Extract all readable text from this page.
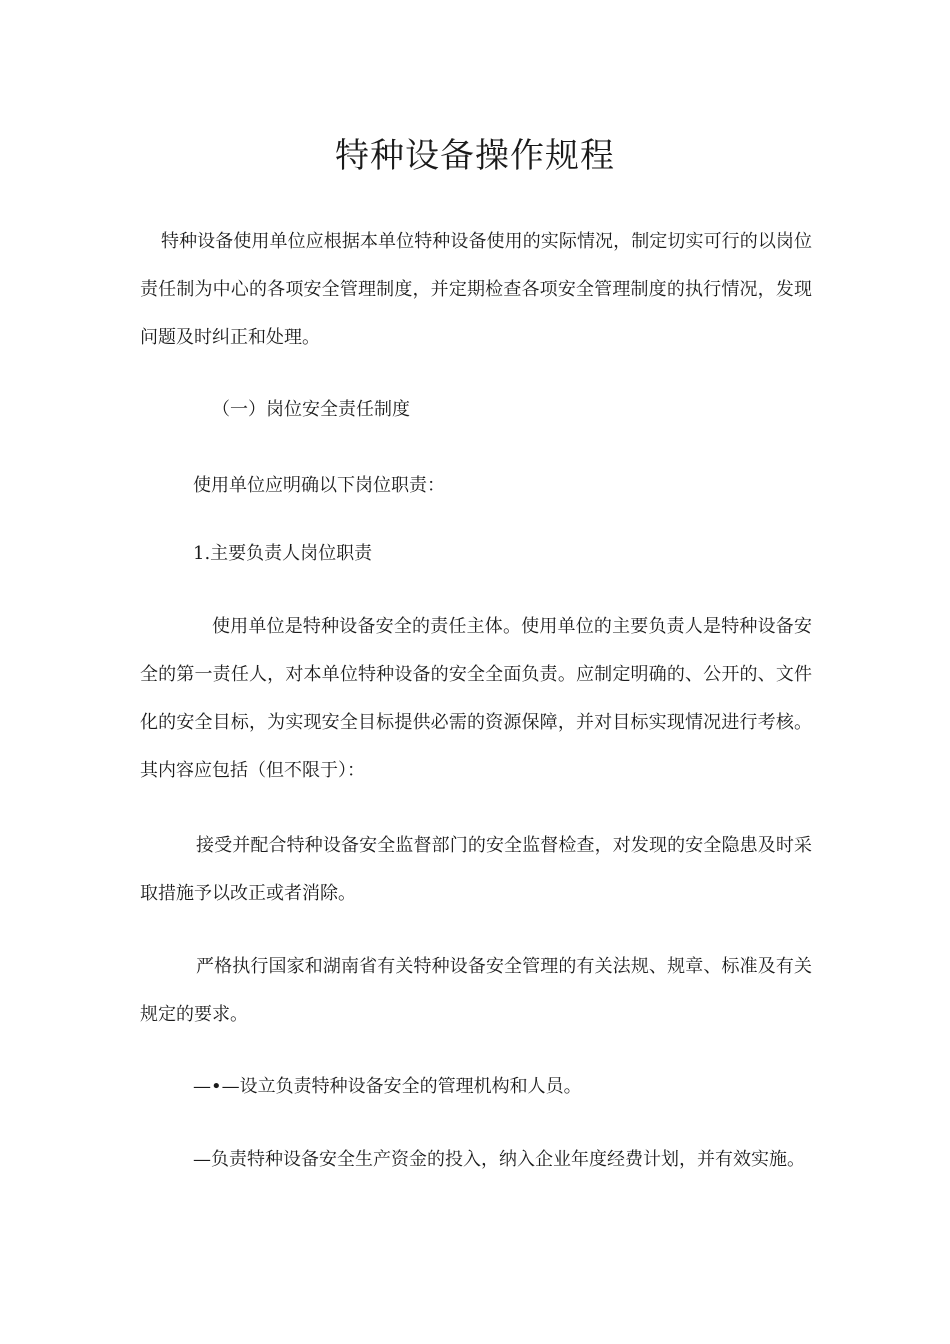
特种设备操作规程

特种设备使用单位应根据本单位特种设备使用的实际情况，制定切实可行的以岗位责任制为中心的各项安全管理制度，并定期检查各项安全管理制度的执行情况，发现问题及时纠正和处理。

（一）岗位安全责任制度

使用单位应明确以下岗位职责：

1.主要负责人岗位职责

使用单位是特种设备安全的责任主体。使用单位的主要负责人是特种设备安全的第一责任人，对本单位特种设备的安全全面负责。应制定明确的、公开的、文件化的安全目标，为实现安全目标提供必需的资源保障，并对目标实现情况进行考核。其内容应包括（但不限于）：

接受并配合特种设备安全监督部门的安全监督检查，对发现的安全隐患及时采取措施予以改正或者消除。

严格执行国家和湖南省有关特种设备安全管理的有关法规、规章、标准及有关规定的要求。

—•—设立负责特种设备安全的管理机构和人员。

—负责特种设备安全生产资金的投入，纳入企业年度经费计划，并有效实施。
